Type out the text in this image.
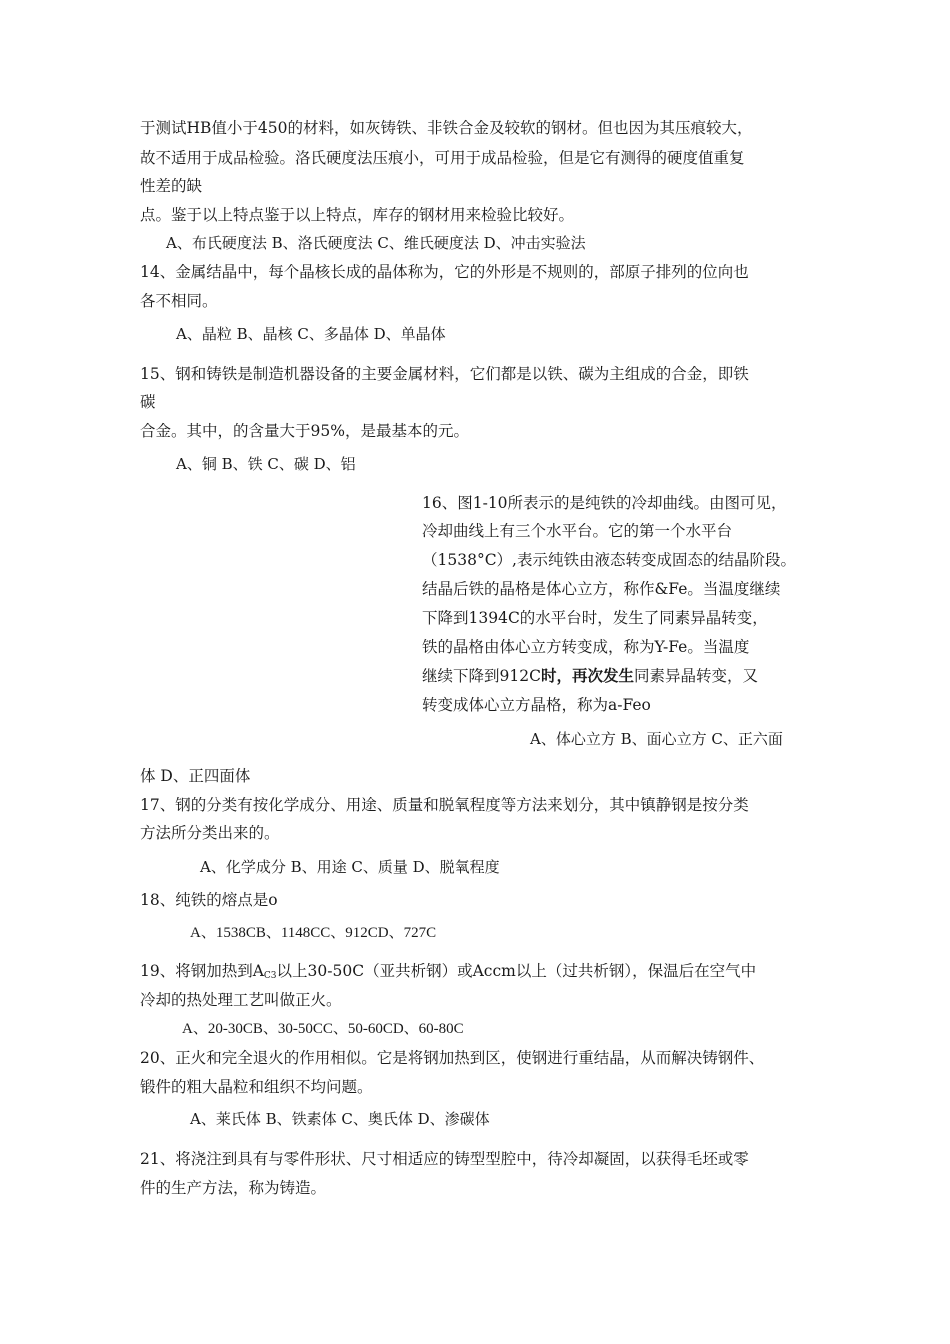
于测试HB值小于450的材料，如灰铸铁、非铁合金及较软的钢材。但也因为其压痕较大，
故不适用于成品检验。洛氏硬度法压痕小，可用于成品检验，但是它有测得的硬度值重复
性差的缺
点。鉴于以上特点鉴于以上特点，库存的钢材用来检验比较好。
A、布氏硬度法 B、洛氏硬度法 C、维氏硬度法 D、冲击实验法
14、金属结晶中，每个晶核长成的晶体称为，它的外形是不规则的，部原子排列的位向也
各不相同。
A、晶粒 B、晶核 C、多晶体 D、单晶体
15、钢和铸铁是制造机器设备的主要金属材料，它们都是以铁、碳为主组成的合金，即铁
碳
合金。其中，的含量大于95%，是最基本的元。
A、铜 B、铁 C、碳 D、铝
16、图1-10所表示的是纯铁的冷却曲线。由图可见，
冷却曲线上有三个水平台。它的第一个水平台
（1538°C）,表示纯铁由液态转变成固态的结晶阶段。
结晶后铁的晶格是体心立方，称作&Fe。当温度继续
下降到1394C的水平台时，发生了同素异晶转变，
铁的晶格由体心立方转变成，称为Y-Fe。当温度
继续下降到912C时，再次发生同素异晶转变，又
转变成体心立方晶格，称为a-Feo
A、体心立方 B、面心立方 C、正六面
体 D、正四面体
17、钢的分类有按化学成分、用途、质量和脱氧程度等方法来划分，其中镇静钢是按分类
方法所分类出来的。
A、化学成分 B、用途 C、质量 D、脱氧程度
18、纯铁的熔点是o
A、1538CB、1148CC、912CD、727C
19、将钢加热到$A_{C3}$以上30-50C（亚共析钢）或Accm以上（过共析钢），保温后在空气中
冷却的热处理工艺叫做正火。
A、20-30CB、30-50CC、50-60CD、60-80C
20、正火和完全退火的作用相似。它是将钢加热到区，使钢进行重结晶，从而解决铸钢件、
锻件的粗大晶粒和组织不均问题。
A、莱氏体 B、铁素体 C、奥氏体 D、渗碳体
21、将浇注到具有与零件形状、尺寸相适应的铸型型腔中，待冷却凝固，以获得毛坯或零
件的生产方法，称为铸造。
